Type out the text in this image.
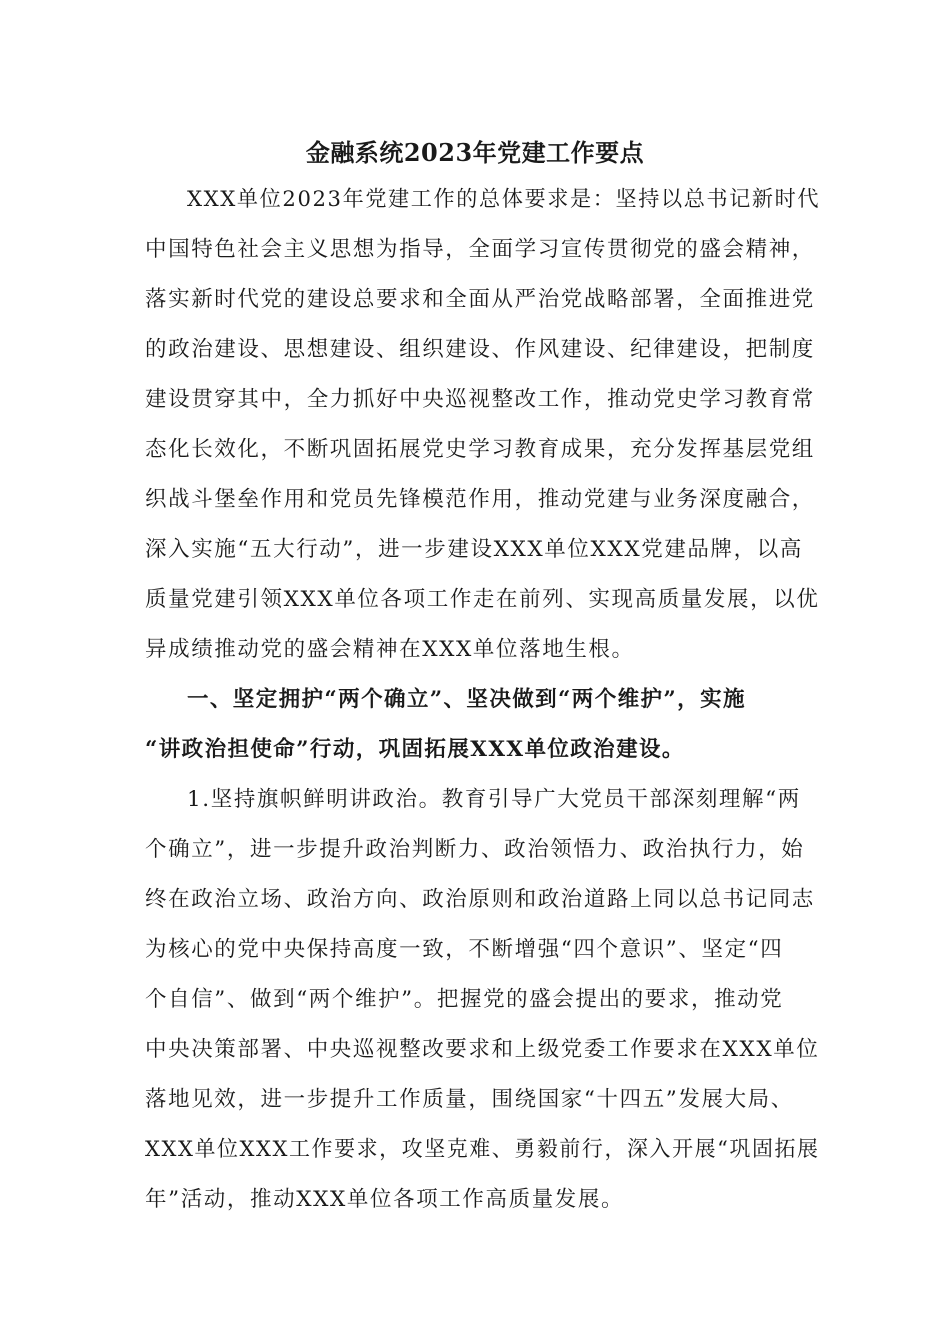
金融系统2023年党建工作要点
XXX单位2023年党建工作的总体要求是：坚持以总书记新时代
中国特色社会主义思想为指导，全面学习宣传贯彻党的盛会精神，
落实新时代党的建设总要求和全面从严治党战略部署，全面推进党
的政治建设、思想建设、组织建设、作风建设、纪律建设，把制度
建设贯穿其中，全力抓好中央巡视整改工作，推动党史学习教育常
态化长效化，不断巩固拓展党史学习教育成果，充分发挥基层党组
织战斗堡垒作用和党员先锋模范作用，推动党建与业务深度融合，
深入实施“五大行动”，进一步建设XXX单位XXX党建品牌，以高
质量党建引领XXX单位各项工作走在前列、实现高质量发展，以优
异成绩推动党的盛会精神在XXX单位落地生根。
一、坚定拥护“两个确立”、坚决做到“两个维护”，实施
“讲政治担使命”行动，巩固拓展XXX单位政治建设。
1.坚持旗帜鲜明讲政治。教育引导广大党员干部深刻理解“两
个确立”，进一步提升政治判断力、政治领悟力、政治执行力，始
终在政治立场、政治方向、政治原则和政治道路上同以总书记同志
为核心的党中央保持高度一致，不断增强“四个意识”、坚定“四
个自信”、做到“两个维护”。把握党的盛会提出的要求，推动党
中央决策部署、中央巡视整改要求和上级党委工作要求在XXX单位
落地见效，进一步提升工作质量，围绕国家“十四五”发展大局、
XXX单位XXX工作要求，攻坚克难、勇毅前行，深入开展“巩固拓展
年”活动，推动XXX单位各项工作高质量发展。
